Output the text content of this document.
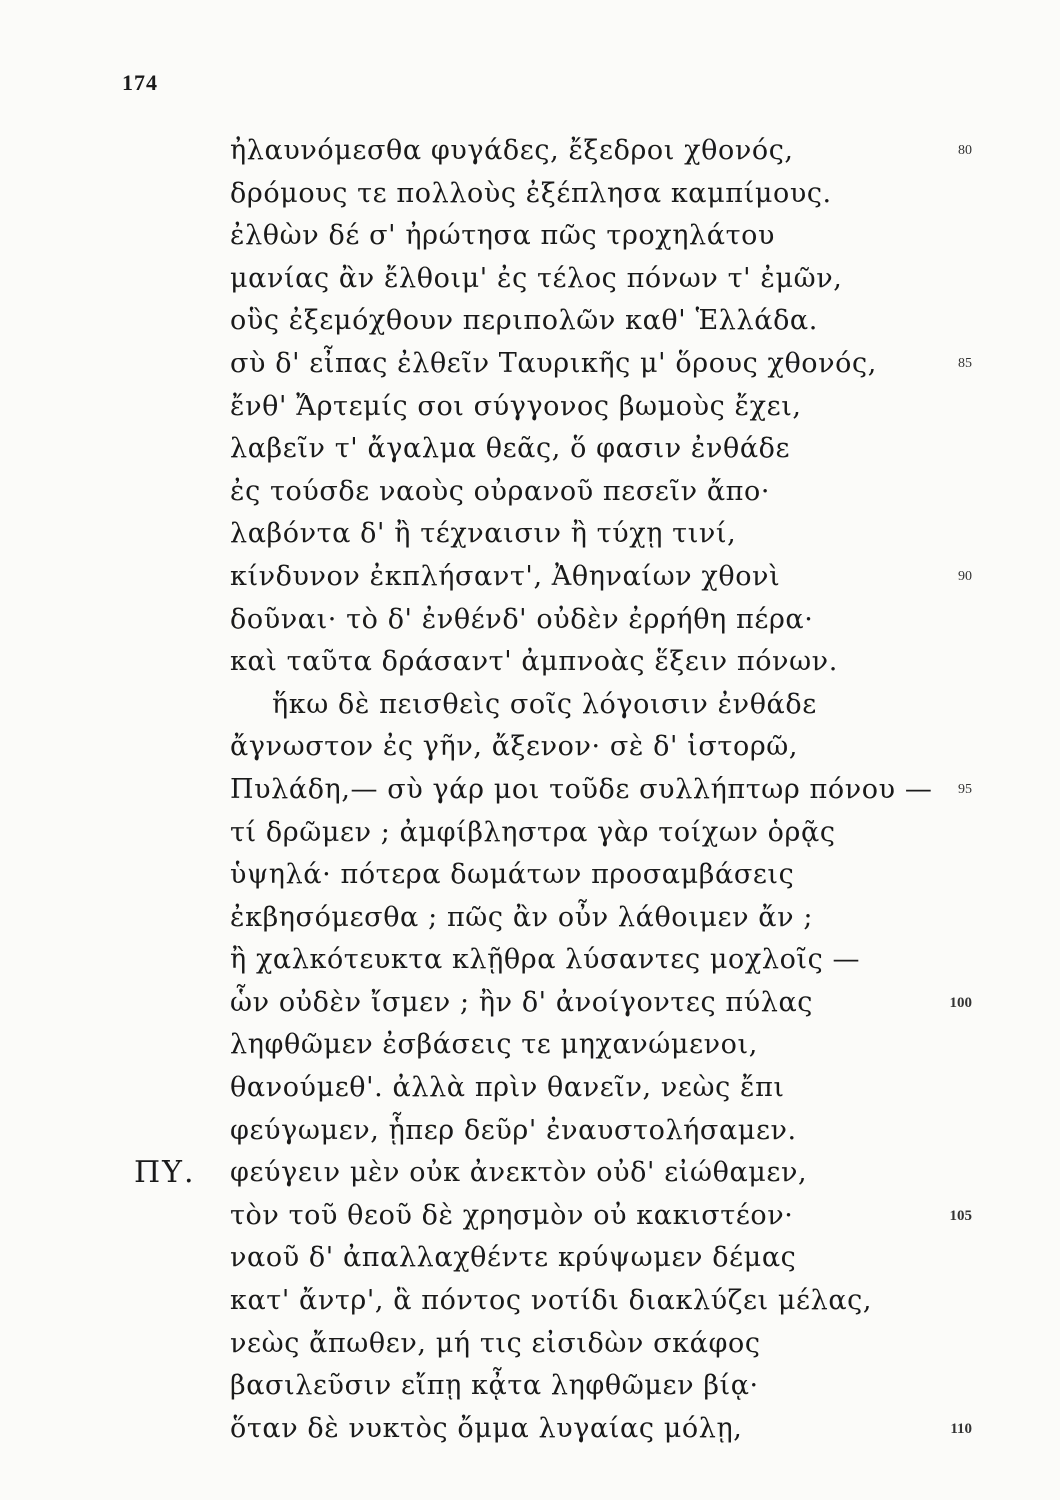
174
ἠλαυνόμεσθα φυγάδες, ἔξεδροι χθονός,	80
δρόμους τε πολλοὺς ἐξέπλησα καμπίμους.
ἐλθὼν δέ σ' ἠρώτησα πῶς τροχηλάτου
μανίας ἂν ἔλθοιμ' ἐς τέλος πόνων τ' ἐμῶν,
οὓς ἐξεμόχθουν περιπολῶν καθ' Ἑλλάδα.
σὺ δ' εἶπας ἐλθεῖν Ταυρικῆς μ' ὅρους χθονός,	85
ἔνθ' Ἄρτεμίς σοι σύγγονος βωμοὺς ἔχει,
λαβεῖν τ' ἄγαλμα θεᾶς, ὅ φασιν ἐνθάδε
ἐς τούσδε ναοὺς οὐρανοῦ πεσεῖν ἄπο·
λαβόντα δ' ἢ τέχναισιν ἢ τύχῃ τινί,
κίνδυνον ἐκπλήσαντ', Ἀθηναίων χθονὶ	90
δοῦναι· τὸ δ' ἐνθένδ' οὐδὲν ἐρρήθη πέρα·
καὶ ταῦτα δράσαντ' ἀμπνοὰς ἕξειν πόνων.
ἥκω δὲ πεισθεὶς σοῖς λόγοισιν ἐνθάδε
ἄγνωστον ἐς γῆν, ἄξενον· σὲ δ' ἱστορῶ,
Πυλάδη,— σὺ γάρ μοι τοῦδε συλλήπτωρ πόνου — 95
τί δρῶμεν ; ἀμφίβληστρα γὰρ τοίχων ὁρᾷς
ὑψηλά· πότερα δωμάτων προσαμβάσεις
ἐκβησόμεσθα ; πῶς ἂν οὖν λάθοιμεν ἄν ;
ἢ χαλκότευκτα κλῇθρα λύσαντες μοχλοῖς —
ὧν οὐδὲν ἴσμεν ; ἢν δ' ἀνοίγοντες πύλας	100
ληφθῶμεν ἐσβάσεις τε μηχανώμενοι,
θανούμεθ'. ἀλλὰ πρὶν θανεῖν, νεὼς ἔπι
φεύγωμεν, ᾗπερ δεῦρ' ἐναυστολήσαμεν.
ΠΥ. φεύγειν μὲν οὐκ ἀνεκτὸν οὐδ' εἰώθαμεν,
τὸν τοῦ θεοῦ δὲ χρησμὸν οὐ κακιστέον·	105
ναοῦ δ' ἀπαλλαχθέντε κρύψωμεν δέμας
κατ' ἄντρ', ἃ πόντος νοτίδι διακλύζει μέλας,
νεὼς ἄπωθεν, μή τις εἰσιδὼν σκάφος
βασιλεῦσιν εἴπῃ κᾆτα ληφθῶμεν βίᾳ·
ὅταν δὲ νυκτὸς ὄμμα λυγαίας μόλῃ,	110
